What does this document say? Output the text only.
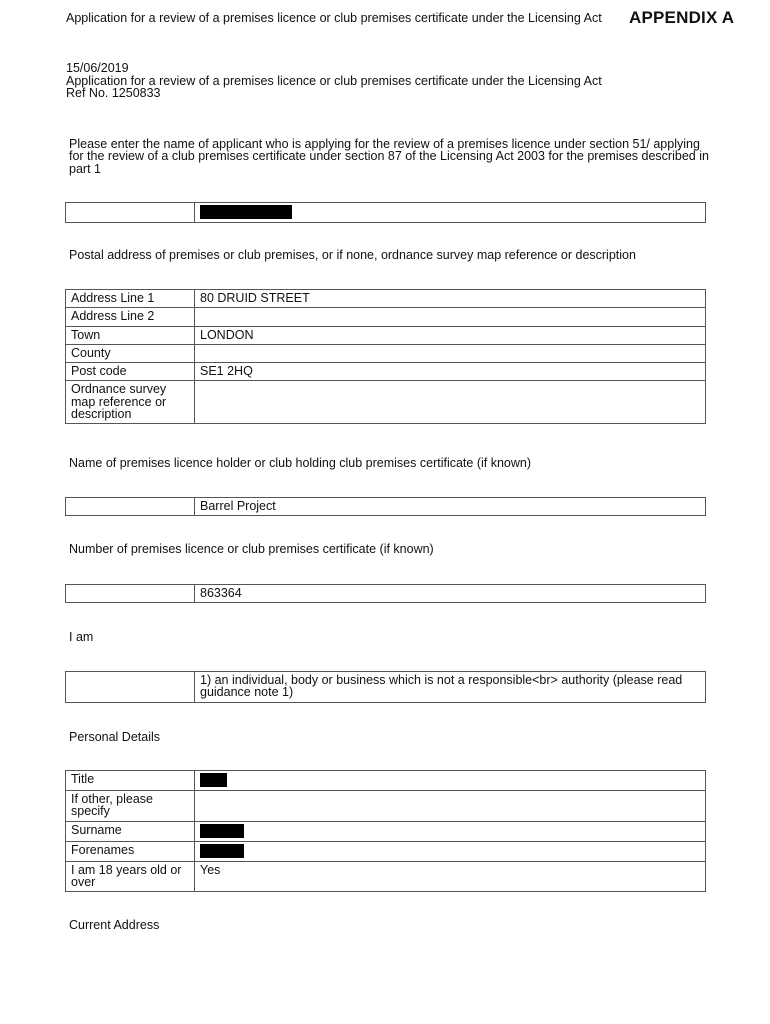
Application for a review of a premises licence or club premises certificate under the Licensing Act APPENDIX A
15/06/2019
Application for a review of a premises licence or club premises certificate under the Licensing Act
Ref No. 1250833
Please enter the name of applicant who is applying for the review of a premises licence under section 51/ applying for the review of a club premises certificate under section 87 of the Licensing Act 2003 for the premises described in part 1

Postal address of premises or club premises, or if none, ordnance survey map reference or description
Address Line 1	80 DRUID STREET
Address Line 2	
Town	LONDON
County	
Post code	SE1 2HQ
Ordnance survey map reference or description	
Name of premises licence holder or club holding club premises certificate (if known)
	Barrel Project
Number of premises licence or club premises certificate (if known)
	863364
I am
	1) an individual, body or business which is not a responsible<br> authority (please read guidance note 1)
Personal Details
Title	
If other, please specify	
Surname	
Forenames	
I am 18 years old or over	Yes
Current Address
